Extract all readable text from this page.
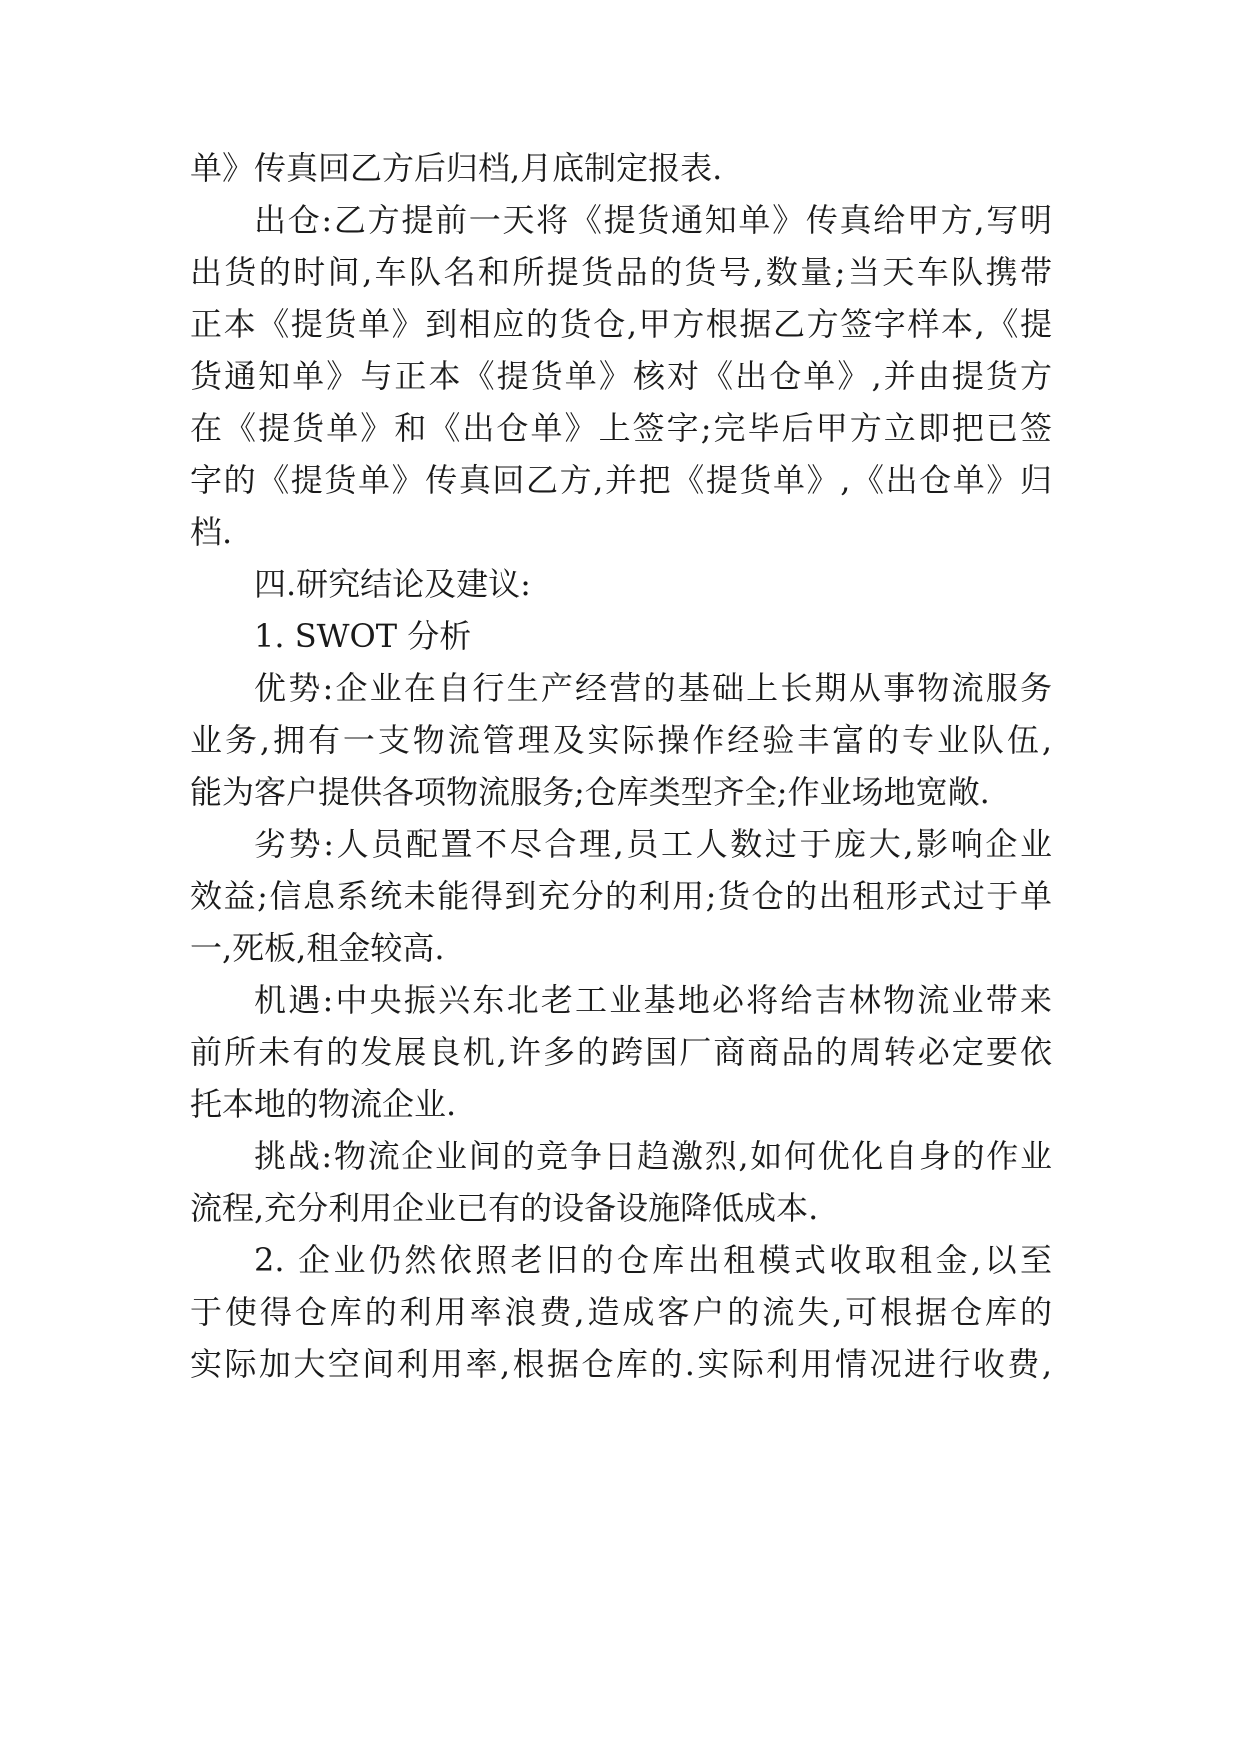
单》传真回乙方后归档,月底制定报表.
出仓:乙方提前一天将《提货通知单》传真给甲方,写明
出货的时间,车队名和所提货品的货号,数量;当天车队携带
正本《提货单》到相应的货仓,甲方根据乙方签字样本,《提
货通知单》与正本《提货单》核对《出仓单》,并由提货方
在《提货单》和《出仓单》上签字;完毕后甲方立即把已签
字的《提货单》传真回乙方,并把《提货单》,《出仓单》归
档.
四.研究结论及建议:
1. SWOT 分析
优势:企业在自行生产经营的基础上长期从事物流服务
业务,拥有一支物流管理及实际操作经验丰富的专业队伍,
能为客户提供各项物流服务;仓库类型齐全;作业场地宽敞.
劣势:人员配置不尽合理,员工人数过于庞大,影响企业
效益;信息系统未能得到充分的利用;货仓的出租形式过于单
一,死板,租金较高.
机遇:中央振兴东北老工业基地必将给吉林物流业带来
前所未有的发展良机,许多的跨国厂商商品的周转必定要依
托本地的物流企业.
挑战:物流企业间的竞争日趋激烈,如何优化自身的作业
流程,充分利用企业已有的设备设施降低成本.
2. 企业仍然依照老旧的仓库出租模式收取租金,以至
于使得仓库的利用率浪费,造成客户的流失,可根据仓库的
实际加大空间利用率,根据仓库的.实际利用情况进行收费,
